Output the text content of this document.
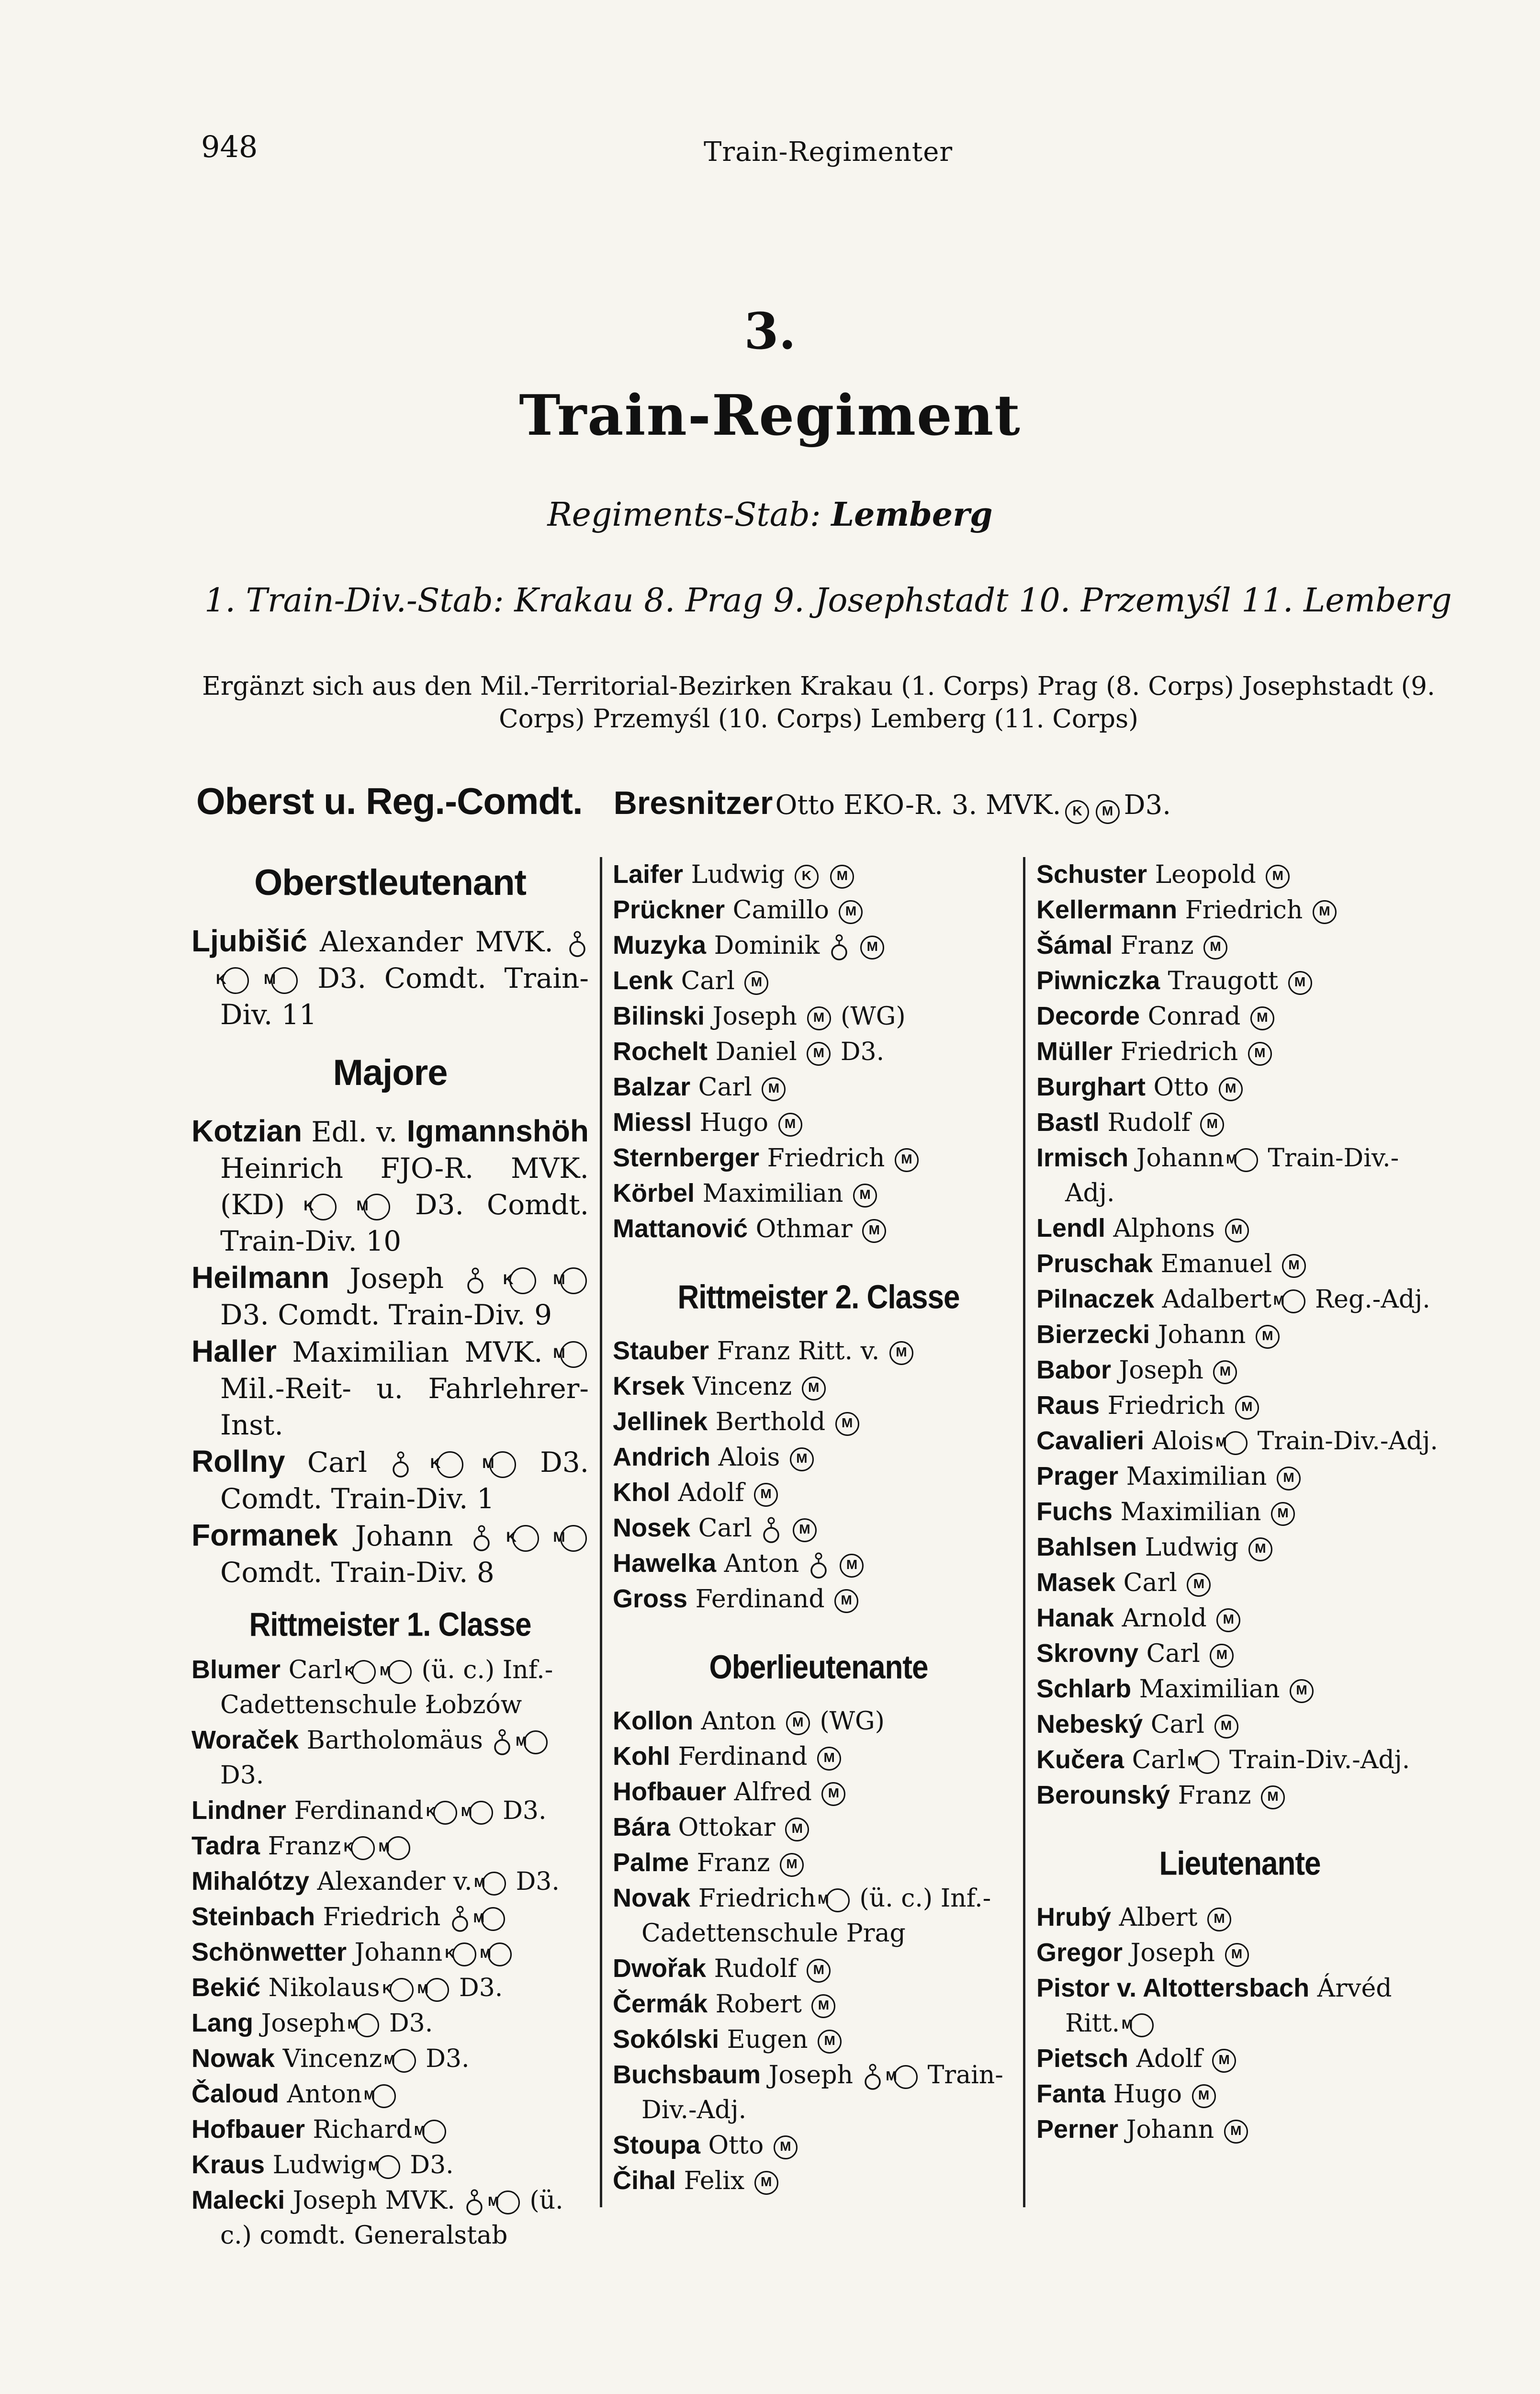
948	Train-Regimenter
3.
Train-Regiment
Regiments-Stab: Lemberg
1. Train-Div.-Stab: Krakau 8. Prag 9. Josephstadt 10. Przemyśl 11. Lemberg
Ergänzt sich aus den Mil.-Territorial-Bezirken Krakau (1. Corps) Prag (8. Corps) Josephstadt (9. Corps) Przemyśl (10. Corps) Lemberg (11. Corps)
Oberst u. Reg.-Comdt. Bresnitzer Otto EKO-R. 3. MVK. K M D3.
Oberstleutenant
Ljubišić Alexander MVK.  K	M D3. Comdt. Train-Div. 11
Majore
Kotzian Edl. v. Igmannshöh Heinrich FJO-R. MVK. (KD) K	M D3. Comdt. Train-Div. 10
Heilmann Joseph	K	M D3. Comdt. Train-Div. 9
Haller Maximilian MVK. M Mil.-Reit- u. Fahrlehrer-Inst.
Rollny Carl	K	M D3. Comdt. Train-Div. 1
Formanek Johann	K	M Comdt. Train-Div. 8
Rittmeister 1. Classe
Blumer Carl K M (ü. c.) Inf.-Cadettenschule Łobzów
Woraček Bartholomäus M D3.
Lindner Ferdinand K M D3.
Tadra Franz K M
Mihalótzy Alexander v. M D3.
Steinbach Friedrich M
Schönwetter Johann K M
Bekić Nikolaus K M D3.
Lang Joseph M D3.
Nowak Vincenz M D3.
Čaloud Anton M
Hofbauer Richard M
Kraus Ludwig M D3.
Malecki Joseph MVK. M (ü. c.) comdt. Generalstab
Laifer Ludwig K M
Prückner Camillo M
Muzyka Dominik	M
Lenk Carl M
Bilinski Joseph M (WG)
Rochelt Daniel M D3.
Balzar Carl M
Miessl Hugo M
Sternberger Friedrich M
Körbel Maximilian M
Mattanović Othmar M
Rittmeister 2. Classe
Stauber Franz Ritt. v. M
Krsek Vincenz M
Jellinek Berthold M
Andrich Alois M
Khol Adolf M
Nosek Carl	M
Hawelka Anton	M
Gross Ferdinand M
Oberlieutenante
Kollon Anton M (WG)
Kohl Ferdinand M
Hofbauer Alfred M
Bára Ottokar M
Palme Franz M
Novak Friedrich M (ü. c.) Inf.-Cadettenschule Prag
Dwořak Rudolf M
Čermák Robert M
Sokólski Eugen M
Buchsbaum Joseph M Train-Div.-Adj.
Stoupa Otto M
Čihal Felix M
Schuster Leopold M
Kellermann Friedrich M
Šámal Franz M
Piwniczka Traugott M
Decorde Conrad M
Müller Friedrich M
Burghart Otto M
Bastl Rudolf M
Irmisch Johann M Train-Div.-Adj.
Lendl Alphons M
Pruschak Emanuel M
Pilnaczek Adalbert M Reg.-Adj.
Bierzecki Johann M
Babor Joseph M
Raus Friedrich M
Cavalieri Alois M Train-Div.-Adj.
Prager Maximilian M
Fuchs Maximilian M
Bahlsen Ludwig M
Masek Carl M
Hanak Arnold M
Skrovny Carl M
Schlarb Maximilian M
Nebeský Carl M
Kučera Carl M Train-Div.-Adj.
Berounský Franz M
Lieutenante
Hrubý Albert M
Gregor Joseph M
Pistor v. Altottersbach Árvéd Ritt. M
Pietsch Adolf M
Fanta Hugo M
Perner Johann M
